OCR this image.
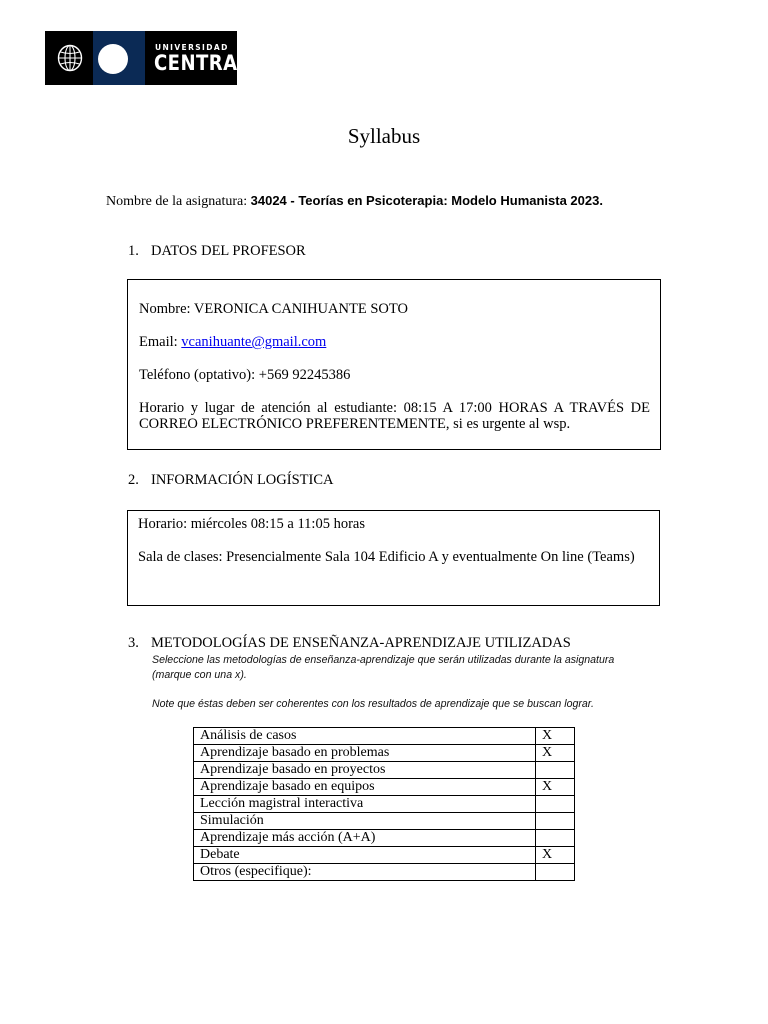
UNIVERSIDAD
CENTRAL
Syllabus
Nombre de la asignatura: 34024 - Teorías en Psicoterapia: Modelo Humanista 2023.
1. DATOS DEL PROFESOR
Nombre: VERONICA CANIHUANTE SOTO
Email: vcanihuante@gmail.com
Teléfono (optativo): +569 92245386
Horario y lugar de atención al estudiante: 08:15 A 17:00 HORAS A TRAVÉS DE
CORREO ELECTRÓNICO PREFERENTEMENTE, si es urgente al wsp.
2. INFORMACIÓN LOGÍSTICA
Horario: miércoles 08:15 a 11:05 horas
Sala de clases: Presencialmente Sala 104 Edificio A y eventualmente On line (Teams)
3. METODOLOGÍAS DE ENSEÑANZA-APRENDIZAJE UTILIZADAS
Seleccione las metodologías de enseñanza-aprendizaje que serán utilizadas durante la asignatura
(marque con una x).
Note que éstas deben ser coherentes con los resultados de aprendizaje que se buscan lograr.
Análisis de casos	X
Aprendizaje basado en problemas	X
Aprendizaje basado en proyectos	
Aprendizaje basado en equipos	X
Lección magistral interactiva	
Simulación	
Aprendizaje más acción (A+A)	
Debate	X
Otros (especifique):	
